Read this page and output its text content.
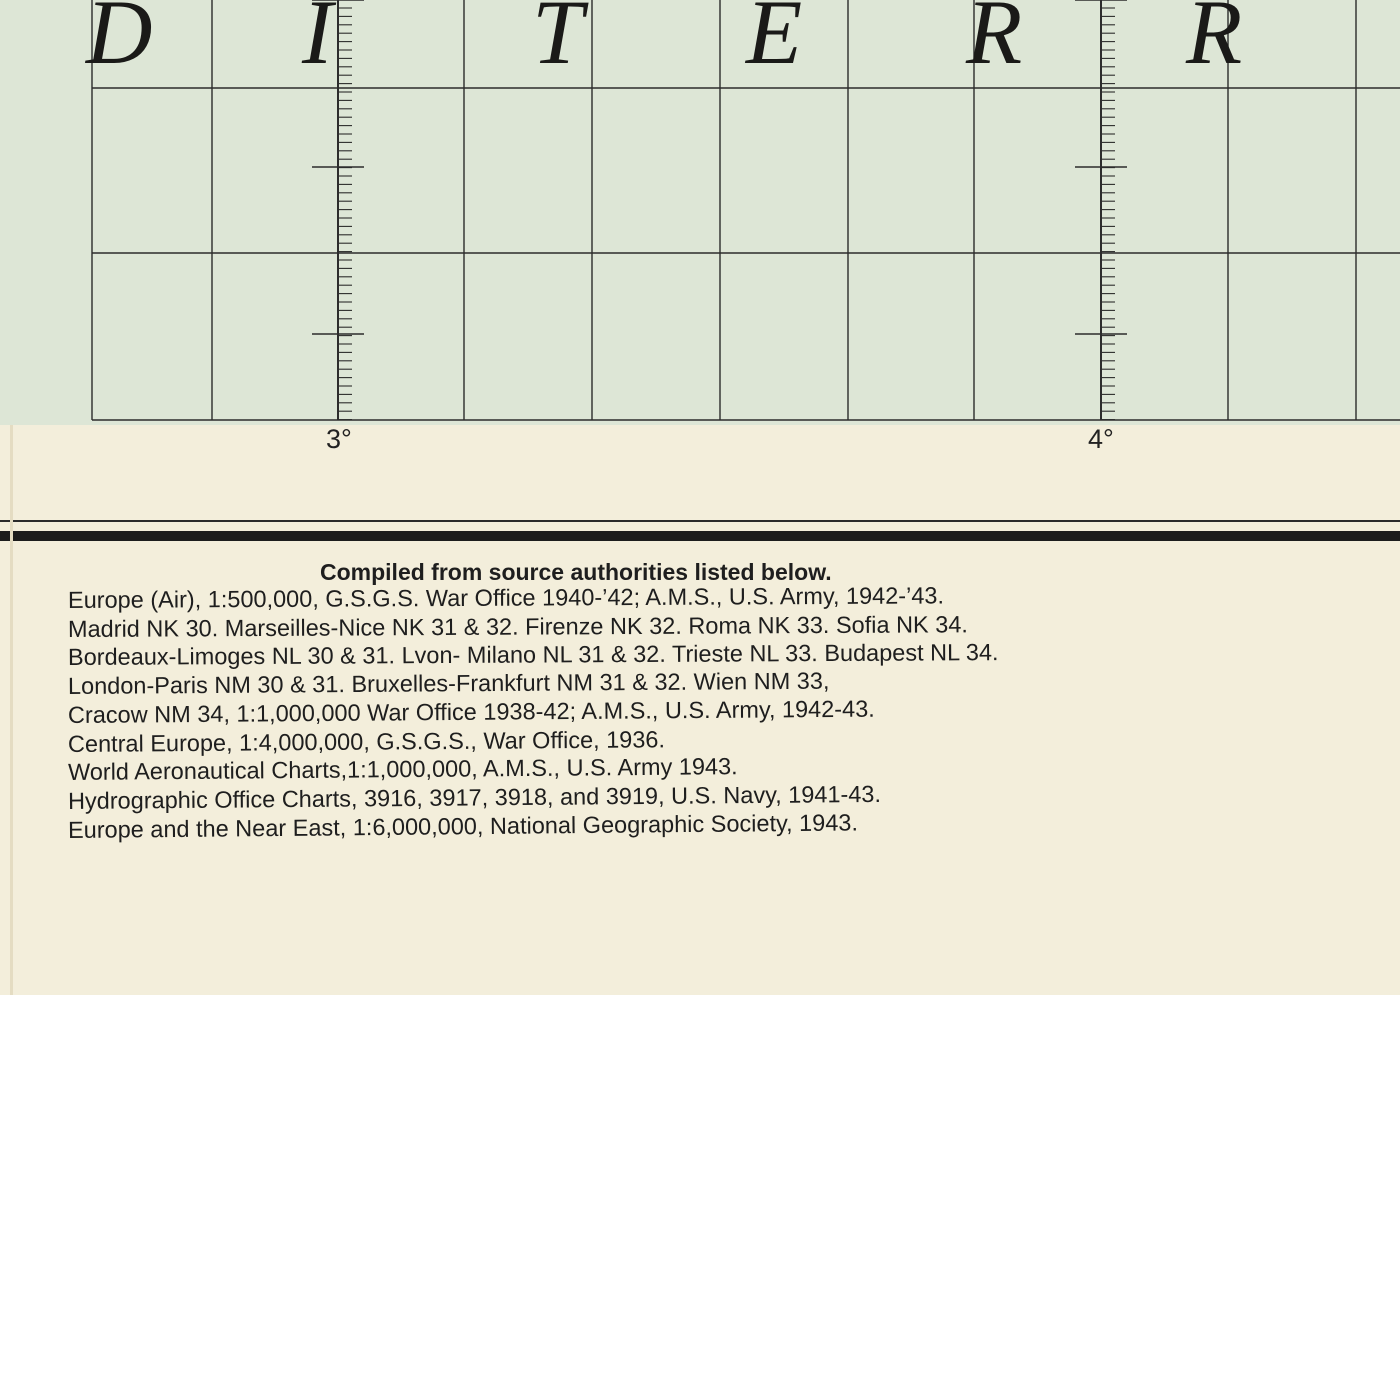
D I T E R R
3°	4°
Compiled from source authorities listed below.
Europe (Air), 1:500,000, G.S.G.S. War Office 1940-’42; A.M.S., U.S. Army, 1942-’43.
Madrid NK 30. Marseilles-Nice NK 31 & 32. Firenze NK 32. Roma NK 33. Sofia NK 34.
Bordeaux-Limoges NL 30 & 31. Lvon- Milano NL 31 & 32. Trieste NL 33. Budapest NL 34.
London-Paris NM 30 & 31. Bruxelles-Frankfurt NM 31 & 32. Wien NM 33,
Cracow NM 34, 1:1,000,000 War Office 1938-42; A.M.S., U.S. Army, 1942-43.
Central Europe, 1:4,000,000, G.S.G.S., War Office, 1936.
World Aeronautical Charts,1:1,000,000, A.M.S., U.S. Army 1943.
Hydrographic Office Charts, 3916, 3917, 3918, and 3919, U.S. Navy, 1941-43.
Europe and the Near East, 1:6,000,000, National Geographic Society, 1943.
